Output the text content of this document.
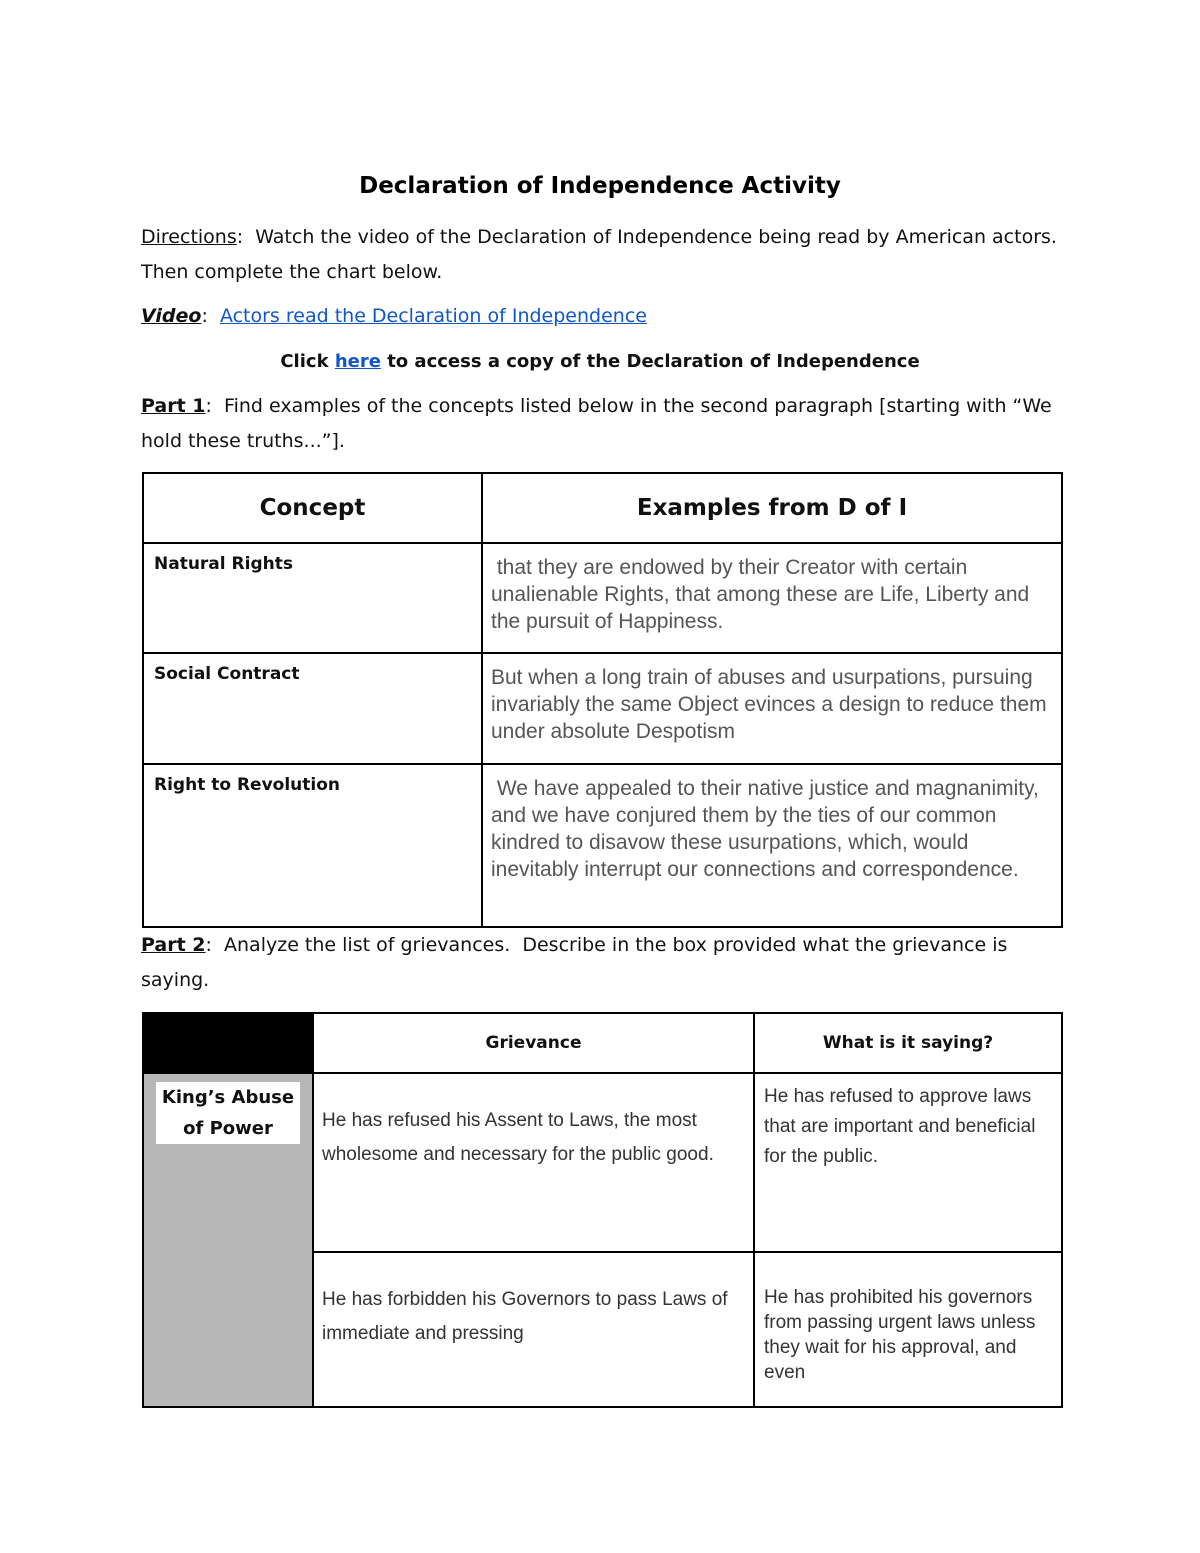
Declaration of Independence Activity
Directions:  Watch the video of the Declaration of Independence being read by American actors.  Then complete the chart below.
Video: Actors read the Declaration of Independence
Click here to access a copy of the Declaration of Independence
Part 1:  Find examples of the concepts listed below in the second paragraph [starting with “We hold these truths...”].
Concept	Examples from D of I
Natural Rights	that they are endowed by their Creator with certain unalienable Rights, that among these are Life, Liberty and the pursuit of Happiness.
Social Contract	But when a long train of abuses and usurpations, pursuing invariably the same Object evinces a design to reduce them under absolute Despotism
Right to Revolution	We have appealed to their native justice and magnanimity, and we have conjured them by the ties of our common kindred to disavow these usurpations, which, would inevitably interrupt our connections and correspondence.
Part 2:  Analyze the list of grievances.  Describe in the box provided what the grievance is saying.
	Grievance	What is it saying?
King’s Abuse of Power	He has refused his Assent to Laws, the most wholesome and necessary for the public good.	He has refused to approve laws that are important and beneficial for the public.
	He has forbidden his Governors to pass Laws of immediate and pressing	He has prohibited his governors from passing urgent laws unless they wait for his approval, and even
